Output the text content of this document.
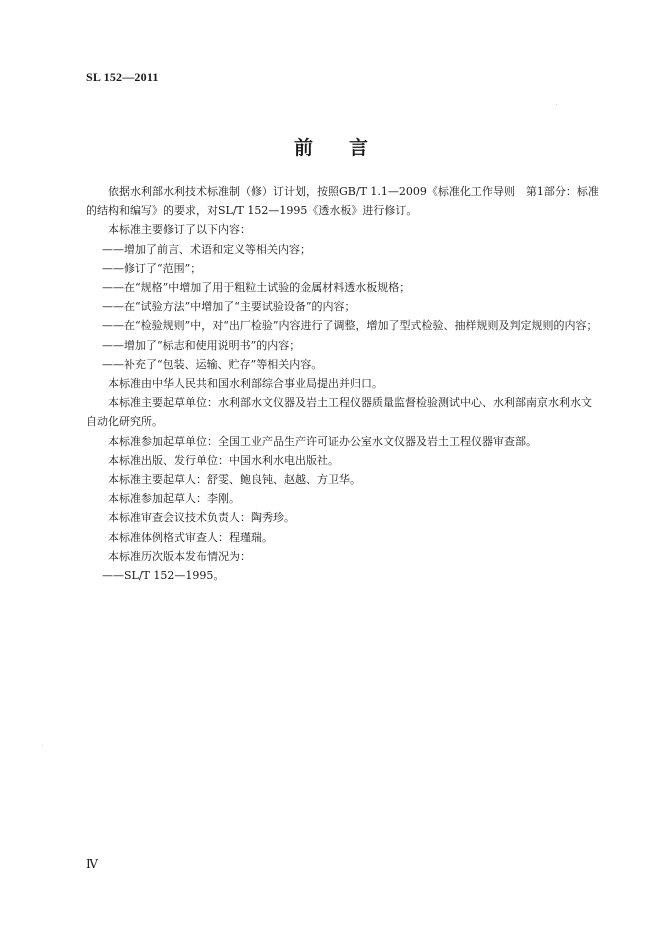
SL 152—2011
前言

依据水利部水利技术标准制（修）订计划，按照GB/T 1.1—2009《标准化工作导则　第1部分：标准的结构和编写》的要求，对SL/T 152—1995《透水板》进行修订。

本标准主要修订了以下内容：

——增加了前言、术语和定义等相关内容；

——修订了“范围”；

——在“规格”中增加了用于粗粒土试验的金属材料透水板规格；

——在“试验方法”中增加了“主要试验设备”的内容；

——在“检验规则”中，对“出厂检验”内容进行了调整，增加了型式检验、抽样规则及判定规则的内容；

——增加了“标志和使用说明书”的内容；

——补充了“包装、运输、贮存”等相关内容。

本标准由中华人民共和国水利部综合事业局提出并归口。

本标准主要起草单位：水利部水文仪器及岩土工程仪器质量监督检验测试中心、水利部南京水利水文自动化研究所。

本标准参加起草单位：全国工业产品生产许可证办公室水文仪器及岩土工程仪器审查部。

本标准出版、发行单位：中国水利水电出版社。

本标准主要起草人：舒雯、鲍良钝、赵越、方卫华。

本标准参加起草人：李刚。

本标准审查会议技术负责人：陶秀珍。

本标准体例格式审查人：程瑾瑞。

本标准历次版本发布情况为：

——SL/T 152—1995。

Ⅳ
